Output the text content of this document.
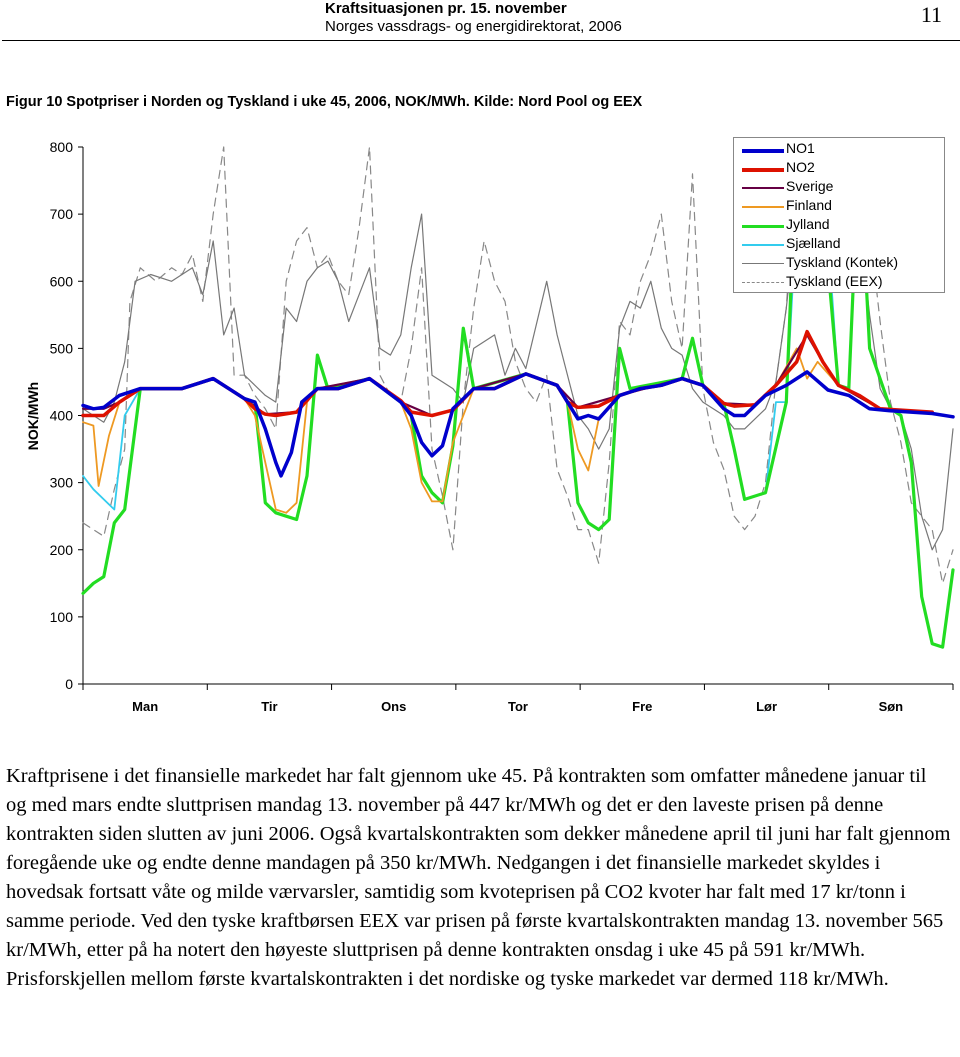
Kraftsituasjonen pr. 15. november
Norges vassdrags- og energidirektorat, 2006	11
Figur 10 Spotpriser i Norden og Tyskland i uke 45, 2006, NOK/MWh. Kilde: Nord Pool og EEX
0
100
200
300
400
500
600
700
800
Man	Tir	Ons	Tor	Fre	Lør	Søn
NOK/MWh
NO1
NO2
Sverige
Finland
Jylland
Sjælland
Tyskland (Kontek)
Tyskland (EEX)

Kraftprisene i det finansielle markedet har falt gjennom uke 45. På kontrakten som omfatter månedene januar til og med mars endte sluttprisen mandag 13. november på 447 kr/MWh og det er den laveste prisen på denne kontrakten siden slutten av juni 2006. Også kvartalskontrakten som dekker månedene april til juni har falt gjennom foregående uke og endte denne mandagen på 350 kr/MWh. Nedgangen i det finansielle markedet skyldes i hovedsak fortsatt våte og milde værvarsler, samtidig som kvoteprisen på CO2 kvoter har falt med 17 kr/tonn i samme periode. Ved den tyske kraftbørsen EEX var prisen på første kvartalskontrakten mandag 13. november 565 kr/MWh, etter på ha notert den høyeste sluttprisen på denne kontrakten onsdag i uke 45 på 591 kr/MWh. Prisforskjellen mellom første kvartalskontrakten i det nordiske og tyske markedet var dermed 118 kr/MWh.
